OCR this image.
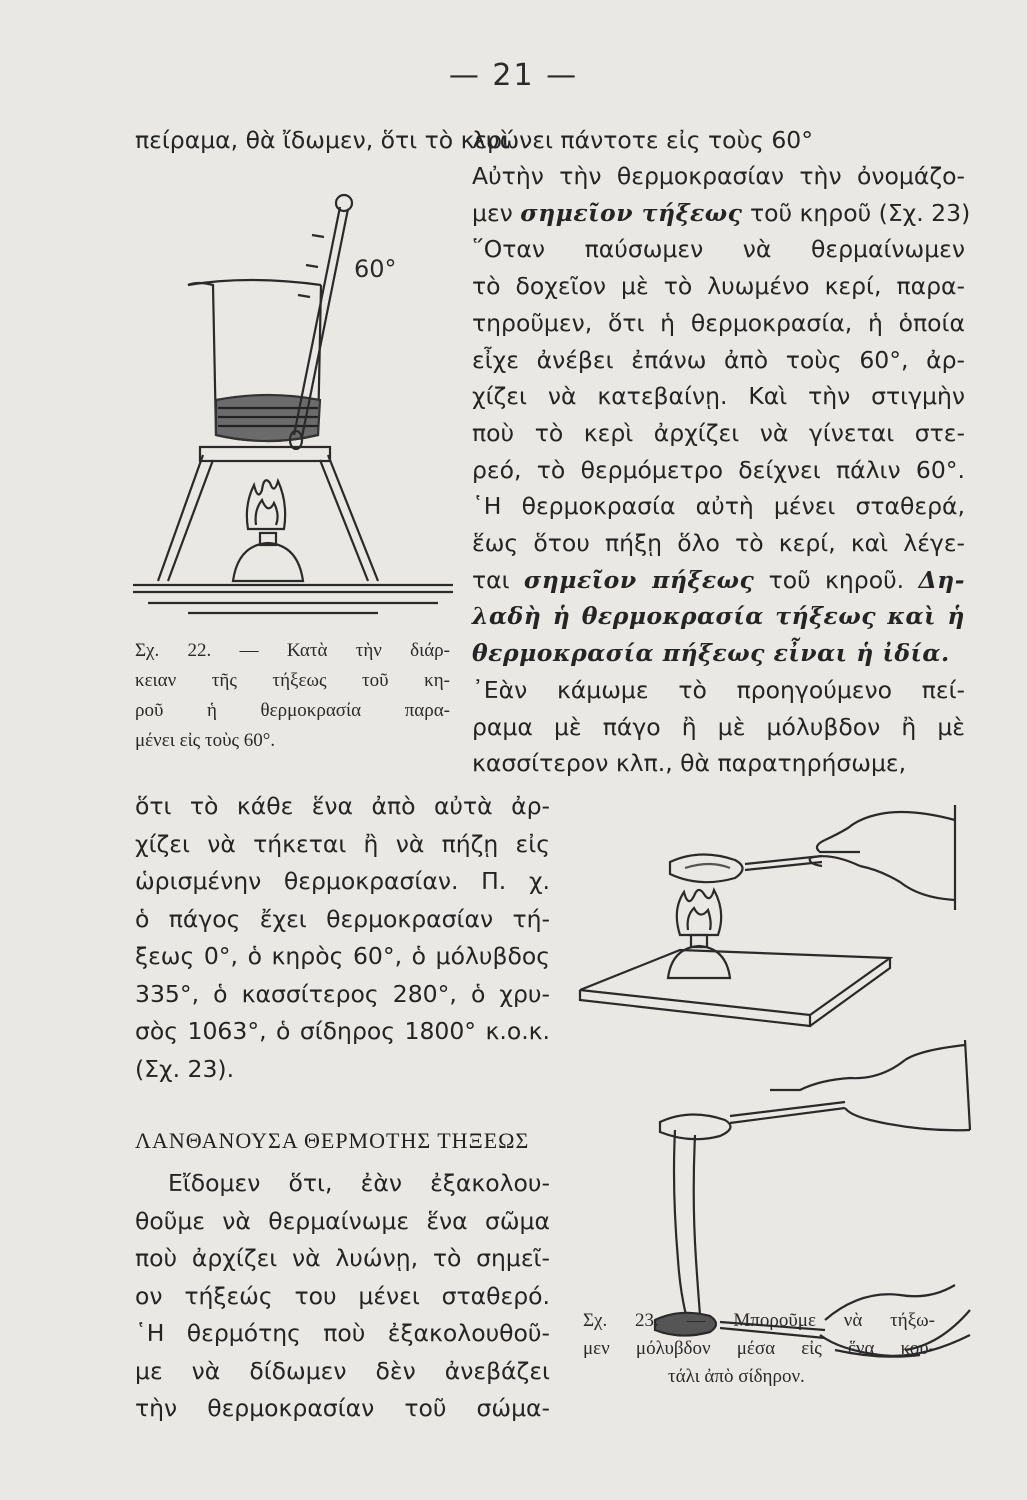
— 21 —
πείραμα, θὰ ἴδωμεν, ὅτι τὸ κερὶ
λυώνει πάντοτε εἰς τοὺς 60°
Αὐτὴν τὴν θερμοκρασίαν τὴν ὀνομάζο-
μεν σημεῖον τήξεως τοῦ κηροῦ (Σχ. 23)
῞Οταν παύσωμεν νὰ θερμαίνωμεν
τὸ δοχεῖον μὲ τὸ λυωμένο κερί, παρα-
τηροῦμεν, ὅτι ἡ θερμοκρασία, ἡ ὁποία
εἶχε ἀνέβει ἐπάνω ἀπὸ τοὺς 60°, ἀρ-
χίζει νὰ κατεβαίνῃ. Καὶ τὴν στιγμὴν
ποὺ τὸ κερὶ ἀρχίζει νὰ γίνεται στε-
ρεό, τὸ θερμόμετρο δείχνει πάλιν 60°.
῾Η θερμοκρασία αὐτὴ μένει σταθερά,
ἕως ὅτου πήξῃ ὅλο τὸ κερί, καὶ λέγε-
ται σημεῖον πήξεως τοῦ κηροῦ. Δη-
λαδὴ ἡ θερμοκρασία τήξεως καὶ ἡ
θερμοκρασία πήξεως εἶναι ἡ ἰδία.
᾿Εὰν κάμωμε τὸ προηγούμενο πεί-
ραμα μὲ πάγο ἢ μὲ μόλυβδον ἢ μὲ
κασσίτερον κλπ., θὰ παρατηρήσωμε,
60°
Σχ. 22. — Κατὰ τὴν διάρ-
κειαν τῆς τήξεως τοῦ κη-
ροῦ ἡ θερμοκρασία παρα-
μένει εἰς τοὺς 60°.
ὅτι τὸ κάθε ἕνα ἀπὸ αὐτὰ ἀρ-
χίζει νὰ τήκεται ἢ νὰ πήζῃ εἰς
ὡρισμένην θερμοκρασίαν. Π. χ.
ὁ πάγος ἔχει θερμοκρασίαν τή-
ξεως 0°, ὁ κηρὸς 60°, ὁ μόλυβδος
335°, ὁ κασσίτερος 280°, ὁ χρυ-
σὸς 1063°, ὁ σίδηρος 1800° κ.ο.κ.
(Σχ. 23).
ΛΑΝΘΑΝΟΥΣΑ ΘΕΡΜΟΤΗΣ ΤΗΞΕΩΣ
Εἴδομεν ὅτι, ἐὰν ἐξακολου-
θοῦμε νὰ θερμαίνωμε ἕνα σῶμα
ποὺ ἀρχίζει νὰ λυώνῃ, τὸ σημεῖ-
ον τήξεώς του μένει σταθερό.
῾Η θερμότης ποὺ ἐξακολουθοῦ-
με νὰ δίδωμεν δὲν ἀνεβάζει
τὴν θερμοκρασίαν τοῦ σώμα-
Σχ. 23. — Μποροῦμε νὰ τήξω-
μεν μόλυβδον μέσα εἰς ἕνα κου-
τάλι ἀπὸ σίδηρον.
